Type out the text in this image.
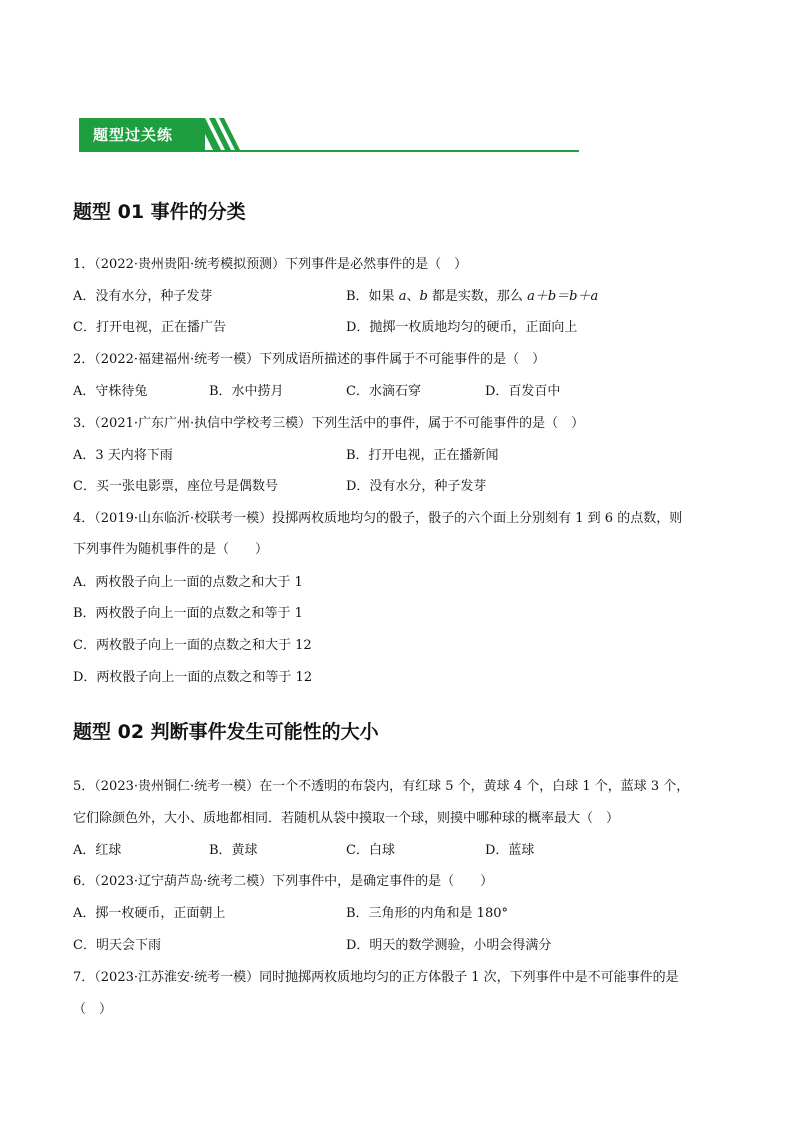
题型过关练
题型 01 事件的分类
1．（2022·贵州贵阳·统考模拟预测）下列事件是必然事件的是（　）
A．没有水分，种子发芽	B．如果 a、b 都是实数，那么 a＋b＝b＋a
C．打开电视，正在播广告	D．抛掷一枚质地均匀的硬币，正面向上
2．（2022·福建福州·统考一模）下列成语所描述的事件属于不可能事件的是（　）
A．守株待兔	B．水中捞月	C．水滴石穿	D．百发百中
3．（2021·广东广州·执信中学校考三模）下列生活中的事件，属于不可能事件的是（　）
A．3 天内将下雨	B．打开电视，正在播新闻
C．买一张电影票，座位号是偶数号	D．没有水分，种子发芽
4．（2019·山东临沂·校联考一模）投掷两枚质地均匀的骰子，骰子的六个面上分别刻有 1 到 6 的点数，则
下列事件为随机事件的是（　　）
A．两枚骰子向上一面的点数之和大于 1
B．两枚骰子向上一面的点数之和等于 1
C．两枚骰子向上一面的点数之和大于 12
D．两枚骰子向上一面的点数之和等于 12
题型 02 判断事件发生可能性的大小
5．（2023·贵州铜仁·统考一模）在一个不透明的布袋内，有红球 5 个，黄球 4 个，白球 1 个，蓝球 3 个，
它们除颜色外，大小、质地都相同．若随机从袋中摸取一个球，则摸中哪种球的概率最大（　）
A．红球	B．黄球	C．白球	D．蓝球
6．（2023·辽宁葫芦岛·统考二模）下列事件中，是确定事件的是（　　）
A．掷一枚硬币，正面朝上	B．三角形的内角和是 180°
C．明天会下雨	D．明天的数学测验，小明会得满分
7．（2023·江苏淮安·统考一模）同时抛掷两枚质地均匀的正方体骰子 1 次，下列事件中是不可能事件的是
（　）
